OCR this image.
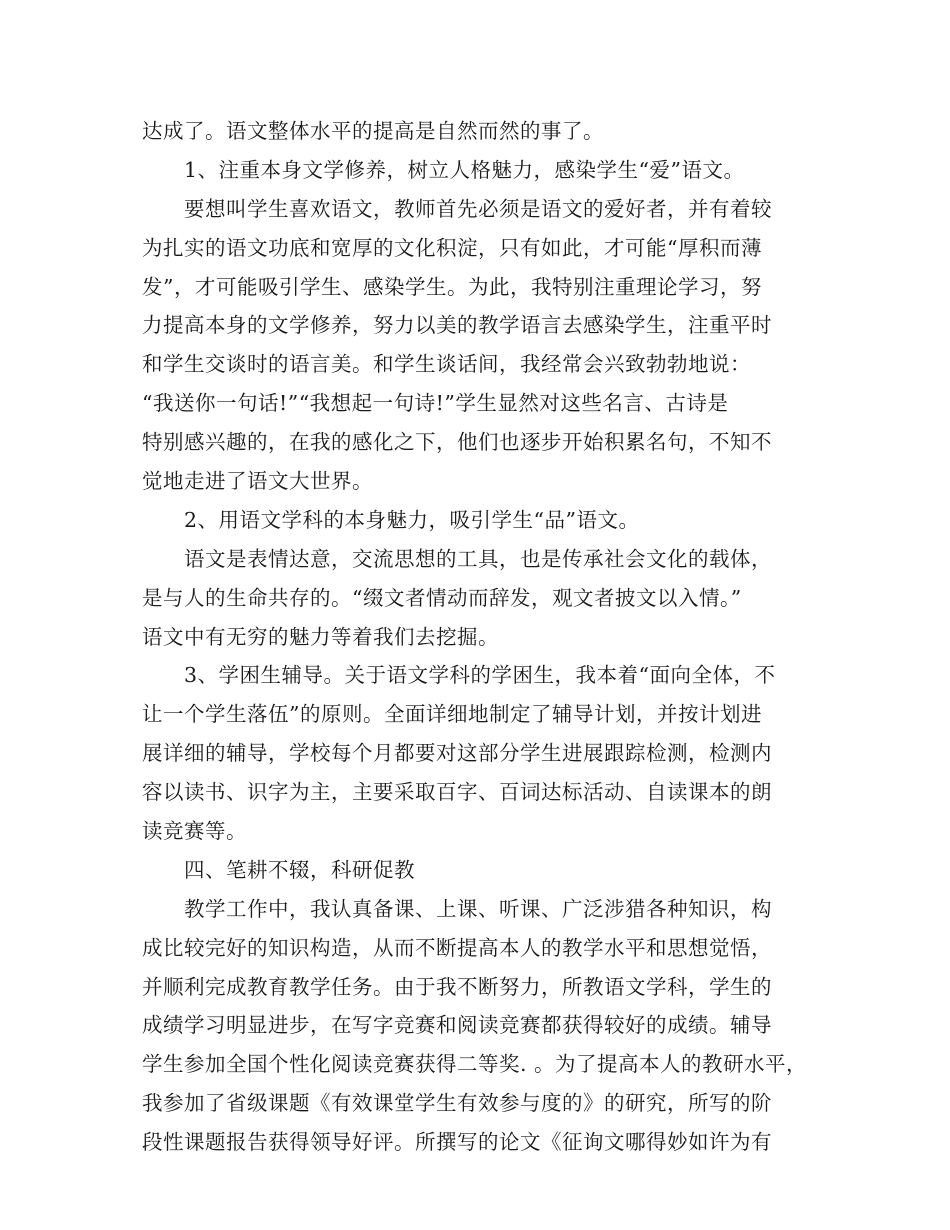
达成了。语文整体水平的提高是自然而然的事了。
1、注重本身文学修养，树立人格魅力，感染学生“爱”语文。
要想叫学生喜欢语文，教师首先必须是语文的爱好者，并有着较
为扎实的语文功底和宽厚的文化积淀，只有如此，才可能“厚积而薄
发”，才可能吸引学生、感染学生。为此，我特别注重理论学习，努
力提高本身的文学修养，努力以美的教学语言去感染学生，注重平时
和学生交谈时的语言美。和学生谈话间，我经常会兴致勃勃地说：
“我送你一句话!”“我想起一句诗!”学生显然对这些名言、古诗是
特别感兴趣的，在我的感化之下，他们也逐步开始积累名句，不知不
觉地走进了语文大世界。
2、用语文学科的本身魅力，吸引学生“品”语文。
语文是表情达意，交流思想的工具，也是传承社会文化的载体，
是与人的生命共存的。“缀文者情动而辞发，观文者披文以入情。”
语文中有无穷的魅力等着我们去挖掘。
3、学困生辅导。关于语文学科的学困生，我本着“面向全体，不
让一个学生落伍”的原则。全面详细地制定了辅导计划，并按计划进
展详细的辅导，学校每个月都要对这部分学生进展跟踪检测，检测内
容以读书、识字为主，主要采取百字、百词达标活动、自读课本的朗
读竞赛等。
四、笔耕不辍，科研促教
教学工作中，我认真备课、上课、听课、广泛涉猎各种知识，构
成比较完好的知识构造，从而不断提高本人的教学水平和思想觉悟，
并顺利完成教育教学任务。由于我不断努力，所教语文学科，学生的
成绩学习明显进步，在写字竞赛和阅读竞赛都获得较好的成绩。辅导
学生参加全国个性化阅读竞赛获得二等奖. 。为了提高本人的教研水平，
我参加了省级课题《有效课堂学生有效参与度的》的研究，所写的阶
段性课题报告获得领导好评。所撰写的论文《征询文哪得妙如许为有
